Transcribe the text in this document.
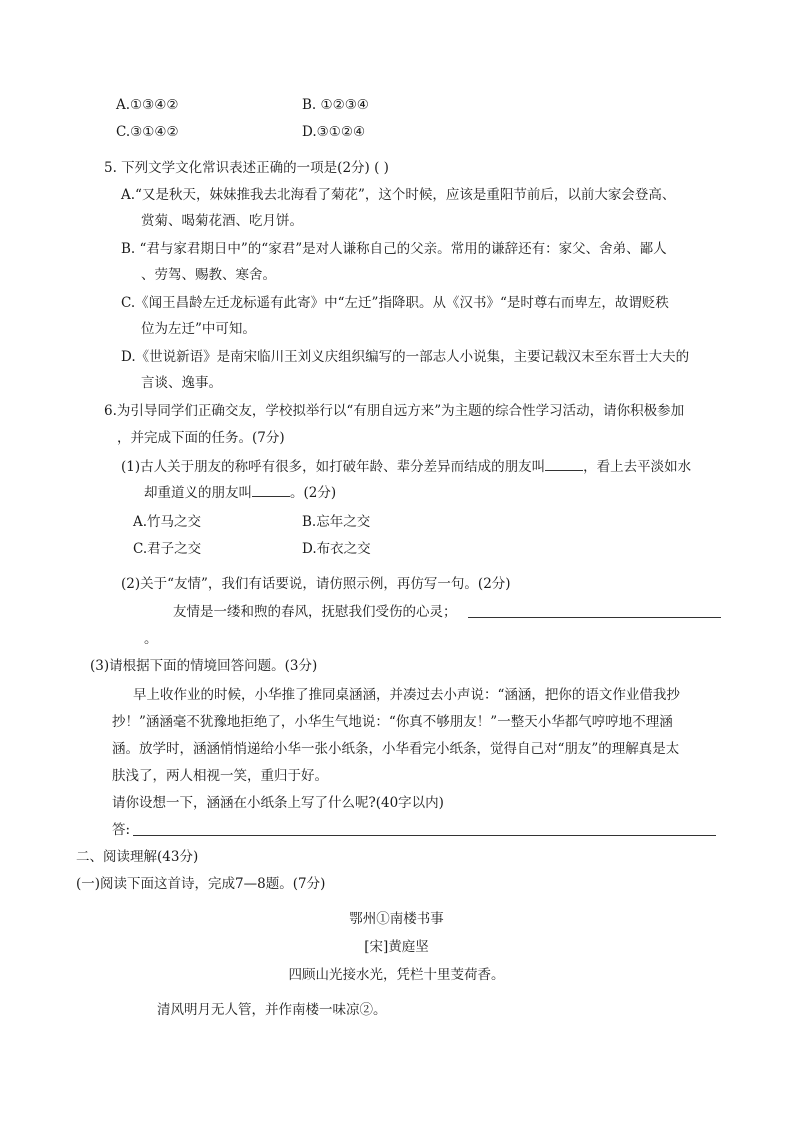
A.①③④②	B. ①②③④
C.③①④②	D.③①②④
5. 下列文学文化常识表述正确的一项是(2分) ( )
A.“又是秋天，妹妹推我去北海看了菊花”，这个时候，应该是重阳节前后，以前大家会登高、
赏菊、喝菊花酒、吃月饼。
B. “君与家君期日中”的“家君”是对人谦称自己的父亲。常用的谦辞还有：家父、舍弟、鄙人
、劳驾、赐教、寒舍。
C.《闻王昌龄左迁龙标遥有此寄》中“左迁”指降职。从《汉书》“是时尊右而卑左，故谓贬秩
位为左迁”中可知。
D.《世说新语》是南宋临川王刘义庆组织编写的一部志人小说集，主要记载汉末至东晋士大夫的
言谈、逸事。
6.为引导同学们正确交友，学校拟举行以“有朋自远方来”为主题的综合性学习活动，请你积极参加
，并完成下面的任务。(7分)
(1)古人关于朋友的称呼有很多，如打破年龄、辈分差异而结成的朋友叫	，看上去平淡如水
却重道义的朋友叫	。(2分)
A.竹马之交	B.忘年之交
C.君子之交	D.布衣之交
(2)关于“友情”，我们有话要说，请仿照示例，再仿写一句。(2分)
友情是一缕和煦的春风，抚慰我们受伤的心灵；
。
(3)请根据下面的情境回答问题。(3分)
早上收作业的时候，小华推了推同桌涵涵，并凑过去小声说：“涵涵，把你的语文作业借我抄
抄！”涵涵毫不犹豫地拒绝了，小华生气地说：“你真不够朋友！”一整天小华都气哼哼地不理涵
涵。放学时，涵涵悄悄递给小华一张小纸条，小华看完小纸条，觉得自己对“朋友”的理解真是太
肤浅了，两人相视一笑，重归于好。
请你设想一下，涵涵在小纸条上写了什么呢?(40字以内)
答:
二、阅读理解(43分)
(一)阅读下面这首诗，完成7—8题。(7分)
鄂州①南楼书事
[宋]黄庭坚
四顾山光接水光，凭栏十里芰荷香。
清风明月无人管，并作南楼一味凉②。
